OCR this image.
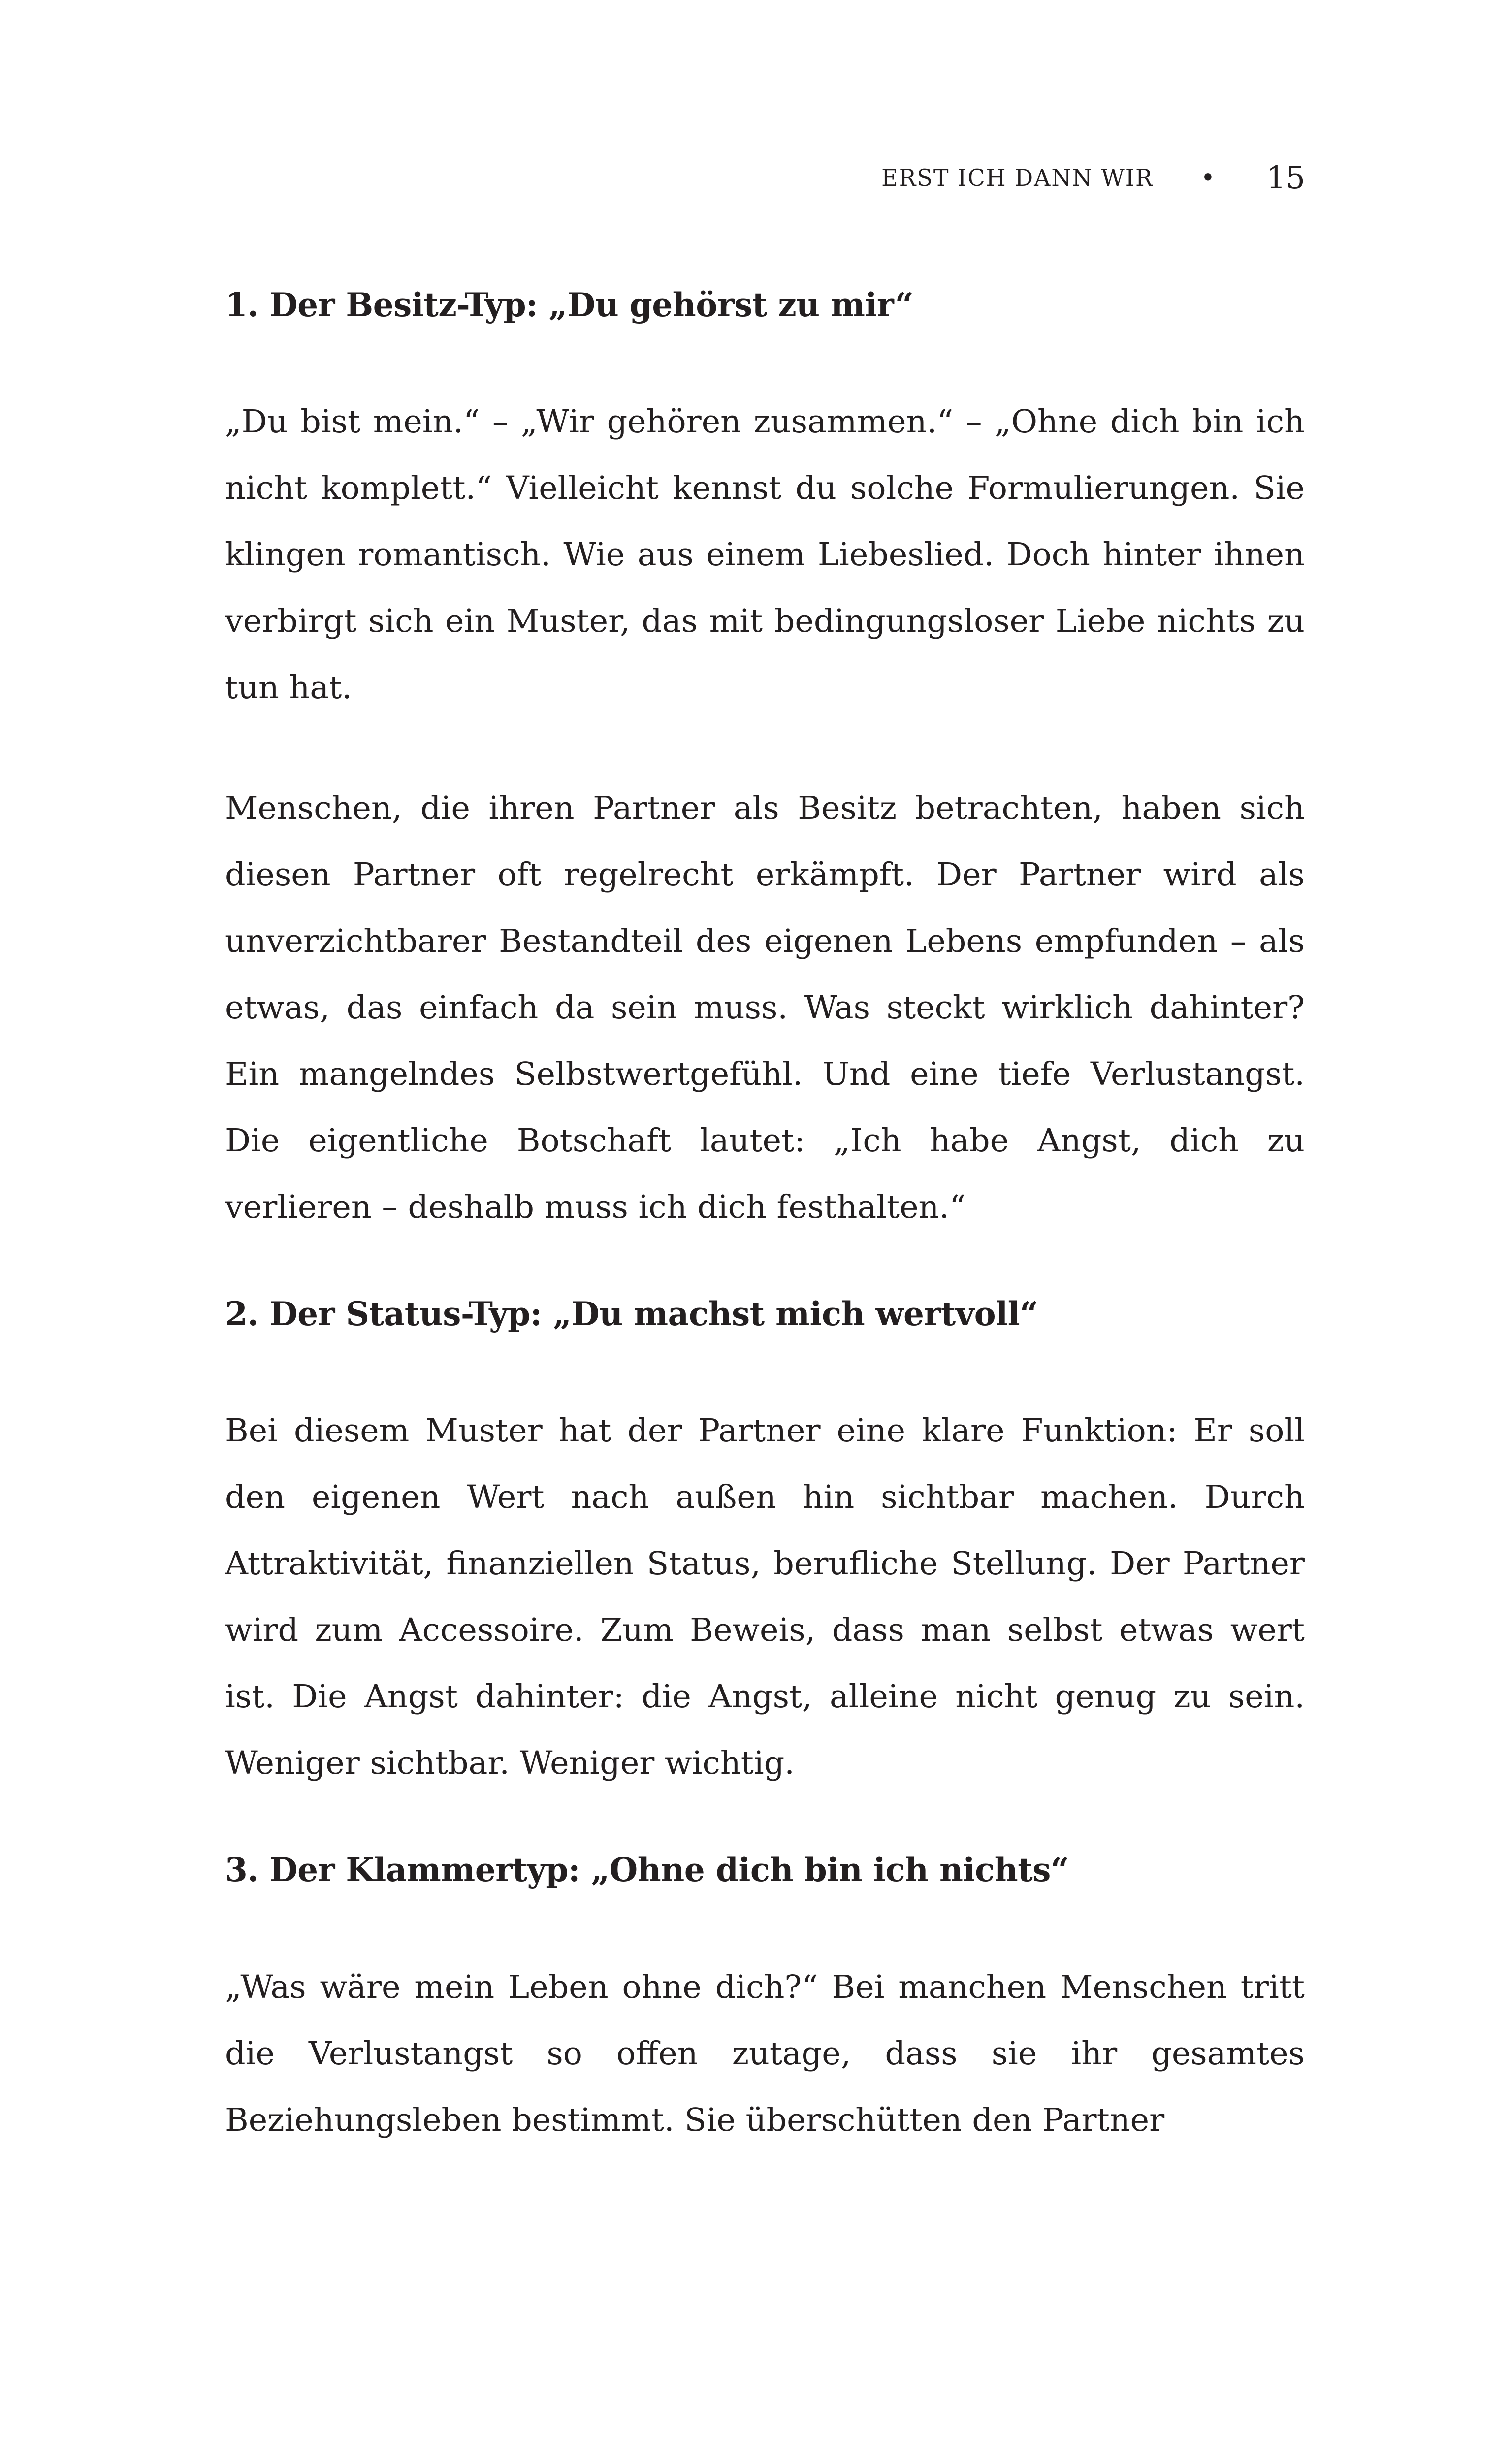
ERST ICH DANN WIR • 15
1. Der Besitz-Typ: „Du gehörst zu mir“

„Du bist mein.“ – „Wir gehören zusammen.“ – „Ohne dich bin ich nicht komplett.“ Vielleicht kennst du solche Formulierungen. Sie klingen romantisch. Wie aus einem Liebeslied. Doch hinter ihnen verbirgt sich ein Muster, das mit bedingungsloser Liebe nichts zu tun hat.

Menschen, die ihren Partner als Besitz betrachten, haben sich diesen Partner oft regelrecht erkämpft. Der Partner wird als unverzichtbarer Bestandteil des eigenen Lebens empfunden – als etwas, das einfach da sein muss. Was steckt wirklich dahinter? Ein mangelndes Selbstwertgefühl. Und eine tiefe Verlustangst. Die eigentliche Botschaft lautet: „Ich habe Angst, dich zu verlieren – deshalb muss ich dich festhalten.“

2. Der Status-Typ: „Du machst mich wertvoll“

Bei diesem Muster hat der Partner eine klare Funktion: Er soll den eigenen Wert nach außen hin sichtbar machen. Durch Attraktivität, finanziellen Status, berufliche Stellung. Der Partner wird zum Accessoire. Zum Beweis, dass man selbst etwas wert ist. Die Angst dahinter: die Angst, alleine nicht genug zu sein. Weniger sichtbar. Weniger wichtig.

3. Der Klammertyp: „Ohne dich bin ich nichts“

„Was wäre mein Leben ohne dich?“ Bei manchen Menschen tritt die Verlustangst so offen zutage, dass sie ihr gesamtes Beziehungsleben bestimmt. Sie überschütten den Partner
